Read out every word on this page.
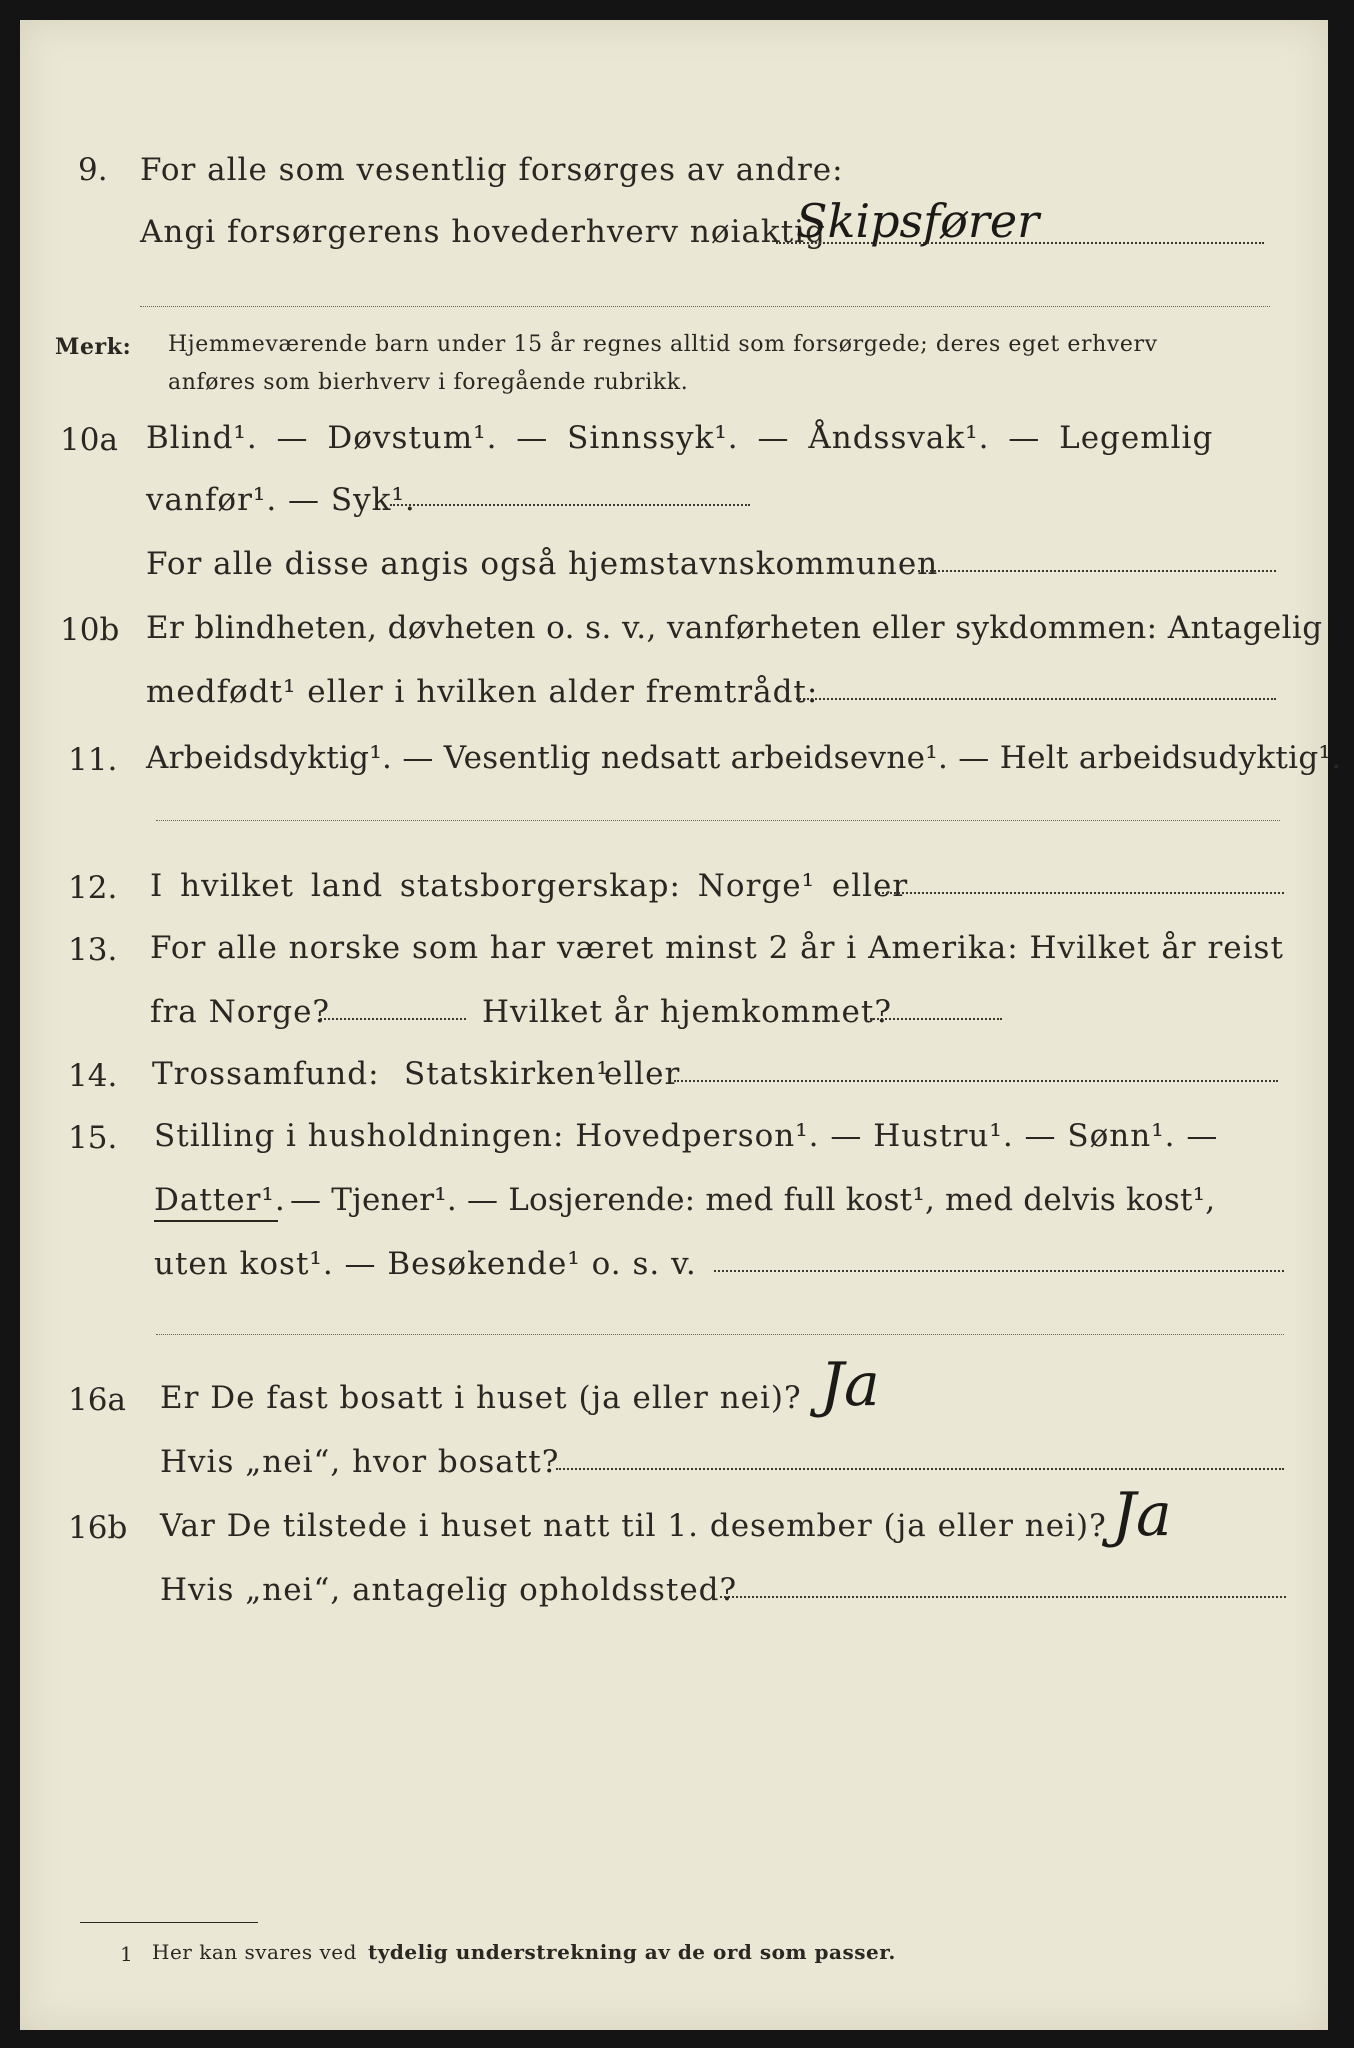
9. For alle som vesentlig forsørges av andre:
Angi forsørgerens hovederhverv nøiaktig
Skipsfører
Merk: Hjemmeværende barn under 15 år regnes alltid som forsørgede; deres eget erhverv
anføres som bierhverv i foregående rubrikk.
10a Blind¹. — Døvstum¹. — Sinnssyk¹. — Åndssvak¹. — Legemlig
vanfør¹. — Syk¹.
For alle disse angis også hjemstavnskommunen
10b Er blindheten, døvheten o. s. v., vanførheten eller sykdommen: Antagelig
medfødt¹ eller i hvilken alder fremtrådt:
11. Arbeidsdyktig¹. — Vesentlig nedsatt arbeidsevne¹. — Helt arbeidsudyktig¹.
12. I hvilket land statsborgerskap: Norge¹ eller
13. For alle norske som har været minst 2 år i Amerika: Hvilket år reist
fra Norge?	Hvilket år hjemkommet?
14. Trossamfund: Statskirken¹
eller
15. Stilling i husholdningen: Hovedperson¹. — Hustru¹. — Sønn¹. —
Datter¹. — Tjener¹. — Losjerende: med full kost¹, med delvis kost¹,
uten kost¹. — Besøkende¹ o. s. v.
16a Er De fast bosatt i huset (ja eller nei)? Ja
Hvis „nei“, hvor bosatt?
16b Var De tilstede i huset natt til 1. desember (ja eller nei)? Ja
Hvis „nei“, antagelig opholdssted?
1 Her kan svares ved tydelig understrekning av de ord som passer.
